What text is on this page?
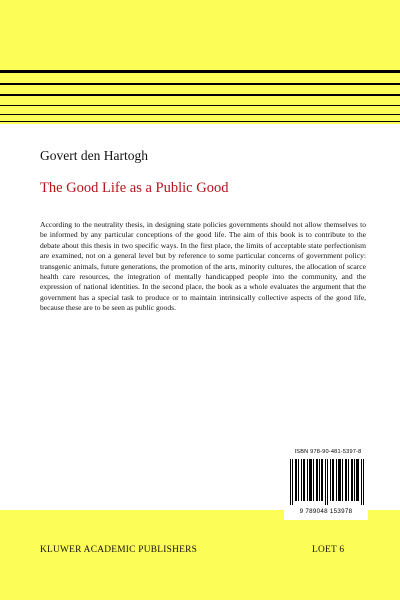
Govert den Hartogh
The Good Life as a Public Good

According to the neutrality thesis, in designing state policies governments should not allow themselves to be informed by any particular conceptions of the good life. The aim of this book is to contribute to the debate about this thesis in two specific ways. In the first place, the limits of acceptable state perfectionism are examined, not on a general level but by reference to some particular concerns of government policy: transgenic animals, future generations, the promotion of the arts, minority cultures, the allocation of scarce health care resources, the integration of mentally handicapped people into the community, and the expression of national identities. In the second place, the book as a whole evaluates the argument that the government has a special task to produce or to maintain intrinsically collective aspects of the good life, because these are to be seen as public goods.

ISBN 978-90-481-5397-8
9 789048 153978
KLUWER ACADEMIC PUBLISHERS	LOET 6
